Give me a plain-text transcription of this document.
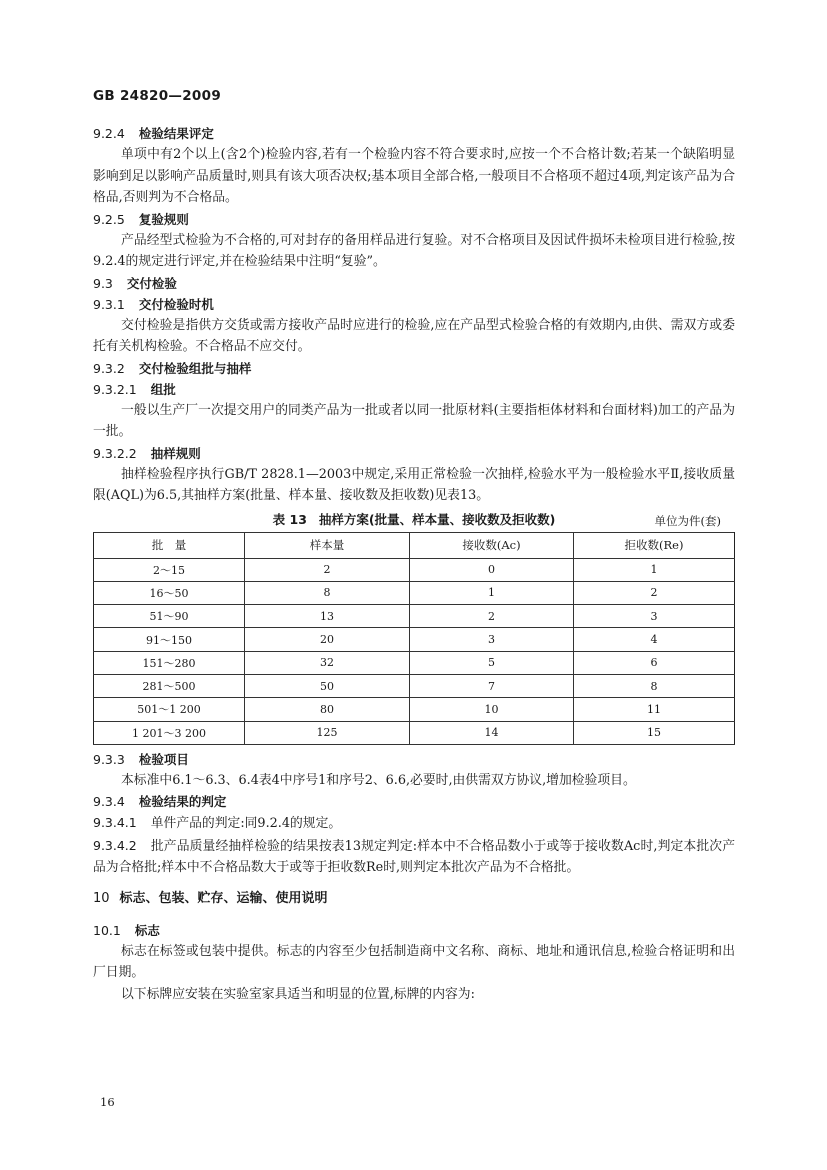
GB 24820—2009
9.2.4 检验结果评定
单项中有2个以上(含2个)检验内容,若有一个检验内容不符合要求时,应按一个不合格计数;若某一个缺陷明显影响到足以影响产品质量时,则具有该大项否决权;基本项目全部合格,一般项目不合格项不超过4项,判定该产品为合格品,否则判为不合格品。
9.2.5 复验规则
产品经型式检验为不合格的,可对封存的备用样品进行复验。对不合格项目及因试件损坏未检项目进行检验,按9.2.4的规定进行评定,并在检验结果中注明“复验”。
9.3 交付检验
9.3.1 交付检验时机
交付检验是指供方交货或需方接收产品时应进行的检验,应在产品型式检验合格的有效期内,由供、需双方或委托有关机构检验。不合格品不应交付。
9.3.2 交付检验组批与抽样
9.3.2.1 组批
一般以生产厂一次提交用户的同类产品为一批或者以同一批原材料(主要指柜体材料和台面材料)加工的产品为一批。
9.3.2.2 抽样规则
抽样检验程序执行GB/T 2828.1—2003中规定,采用正常检验一次抽样,检验水平为一般检验水平Ⅱ,接收质量限(AQL)为6.5,其抽样方案(批量、样本量、接收数及拒收数)见表13。
表 13 抽样方案(批量、样本量、接收数及拒收数)	单位为件(套)
批　量	样本量	接收数(Ac)	拒收数(Re)
2～15	2	0	1
16～50	8	1	2
51～90	13	2	3
91～150	20	3	4
151～280	32	5	6
281～500	50	7	8
501～1 200	80	10	11
1 201～3 200	125	14	15
9.3.3 检验项目
本标准中6.1～6.3、6.4表4中序号1和序号2、6.6,必要时,由供需双方协议,增加检验项目。
9.3.4 检验结果的判定
9.3.4.1 单件产品的判定:同9.2.4的规定。
9.3.4.2 批产品质量经抽样检验的结果按表13规定判定:样本中不合格品数小于或等于接收数Ac时,判定本批次产品为合格批;样本中不合格品数大于或等于拒收数Re时,则判定本批次产品为不合格批。
10 标志、包装、贮存、运输、使用说明
10.1 标志
标志在标签或包装中提供。标志的内容至少包括制造商中文名称、商标、地址和通讯信息,检验合格证明和出厂日期。
以下标牌应安装在实验室家具适当和明显的位置,标牌的内容为:
16
